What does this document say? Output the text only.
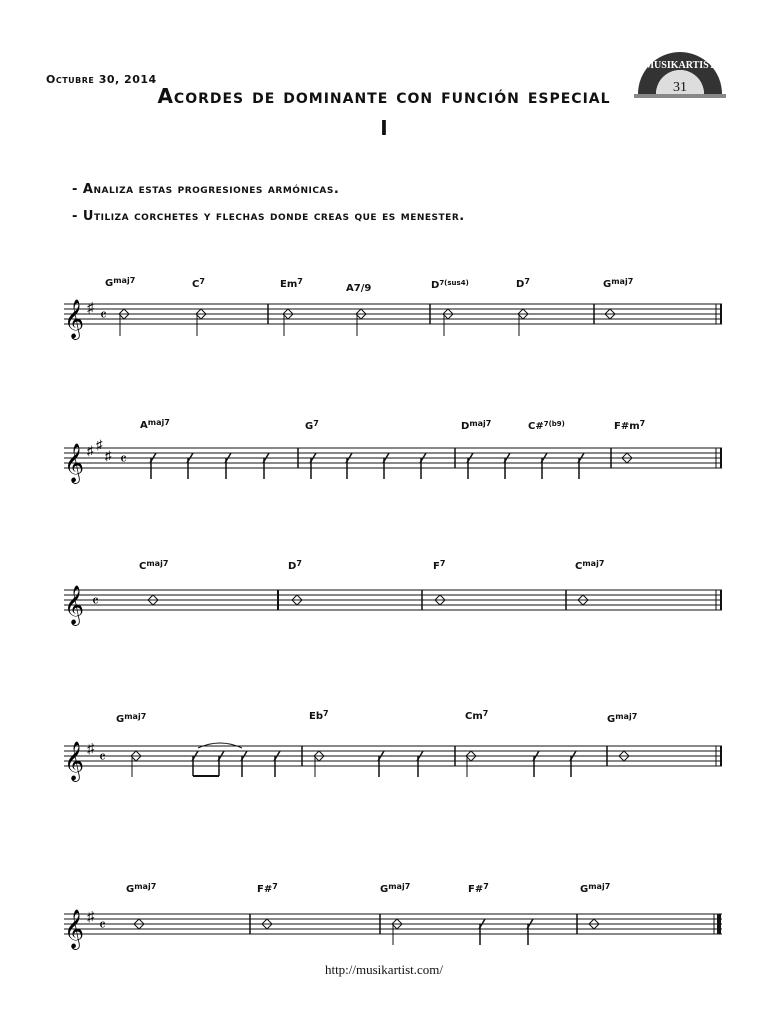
Octubre 30, 2014
Acordes de dominante con función especial
I
MUSIKARTIST
31
- Analiza estas progresiones armónicas.
- Utiliza corchetes y flechas donde creas que es menester.
𝄞 ♯
𝄴
$G^{maj7}$	$C^7$	Em$^7$
A7/9	$D^{7(sus4)}$	$D^7$	$G^{maj7}$
𝄞 ♯ ♯
♯ 𝄴
$A^{maj7}$	$G^7$	$D^{maj7}$	C#$^{7(b9)}$	$F\#m^7$
𝄞 𝄴
$C^{maj7}$	$D^7$	$F^7$	$C^{maj7}$
𝄞 ♯
𝄴
$G^{maj7}$	Eb$^7$	Cm$^7$
$G^{maj7}$
𝄞 ♯
𝄴
$G^{maj7}$	F#$^7$	$G^{maj7}$	F#$^7$	$G^{maj7}$
http://musikartist.com/
